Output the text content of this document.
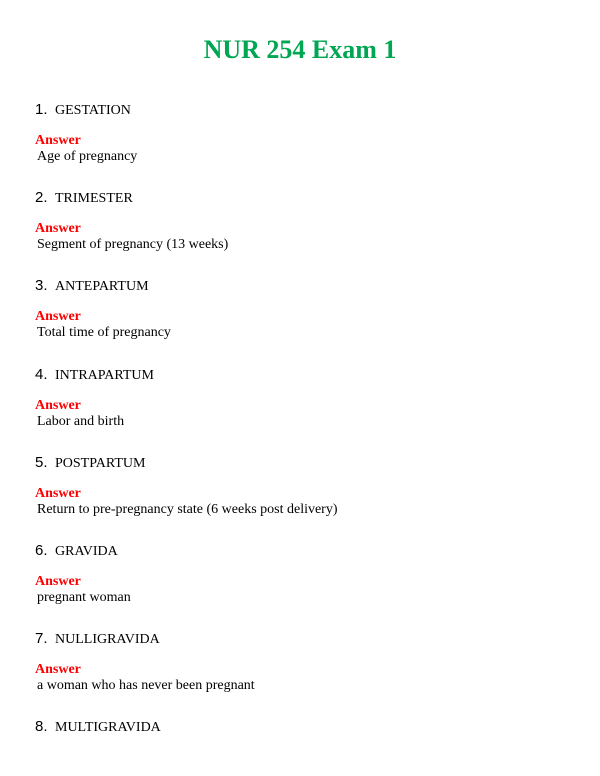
NUR 254 Exam 1
1. GESTATION
Answer
Age of pregnancy
2. TRIMESTER
Answer
Segment of pregnancy (13 weeks)
3. ANTEPARTUM
Answer
Total time of pregnancy
4. INTRAPARTUM
Answer
Labor and birth
5. POSTPARTUM
Answer
Return to pre-pregnancy state (6 weeks post delivery)
6. GRAVIDA
Answer
pregnant woman
7. NULLIGRAVIDA
Answer
a woman who has never been pregnant
8. MULTIGRAVIDA
